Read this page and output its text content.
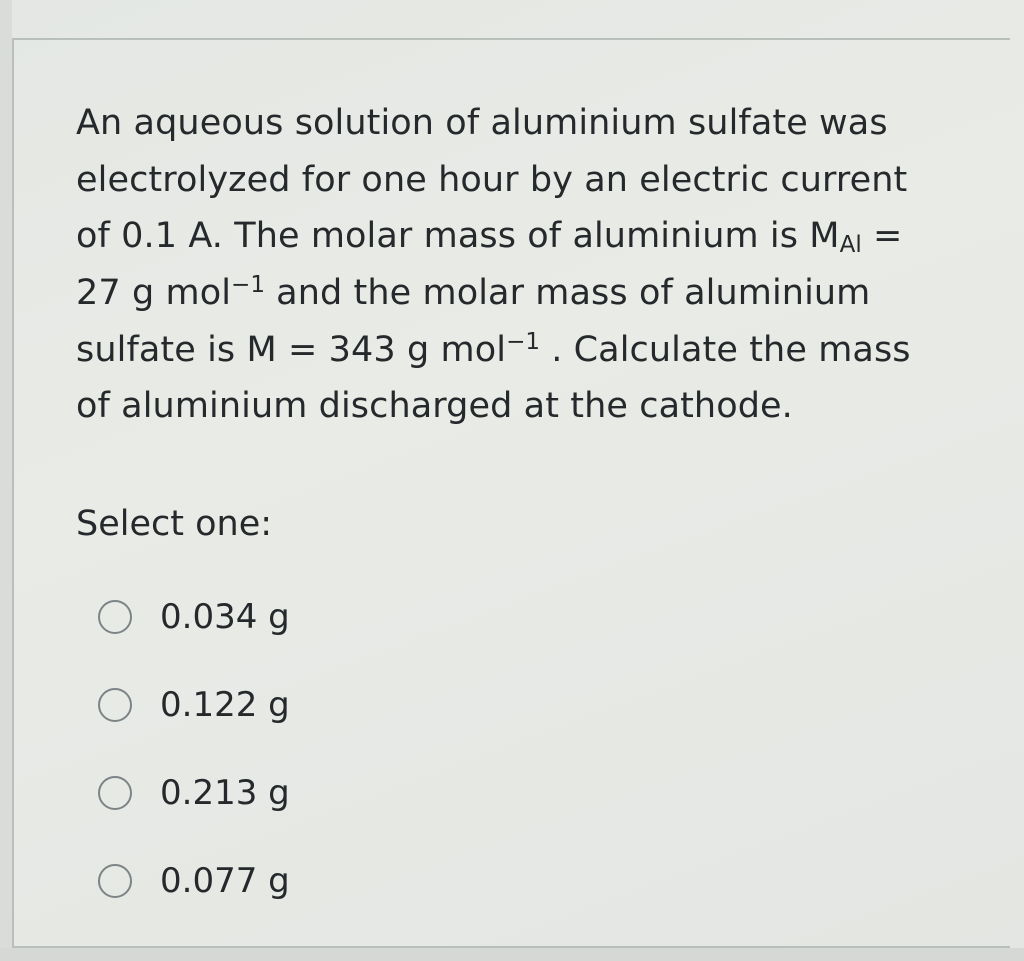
An aqueous solution of aluminium sulfate was
electrolyzed for one hour by an electric current
of 0.1 A. The molar mass of aluminium is $M_{Al}$ =
27 g mol$^{-1}$ and the molar mass of aluminium
sulfate is M = 343 g mol$^{-1}$ . Calculate the mass
of aluminium discharged at the cathode.
Select one:
0.034 g
0.122 g
0.213 g
0.077 g
